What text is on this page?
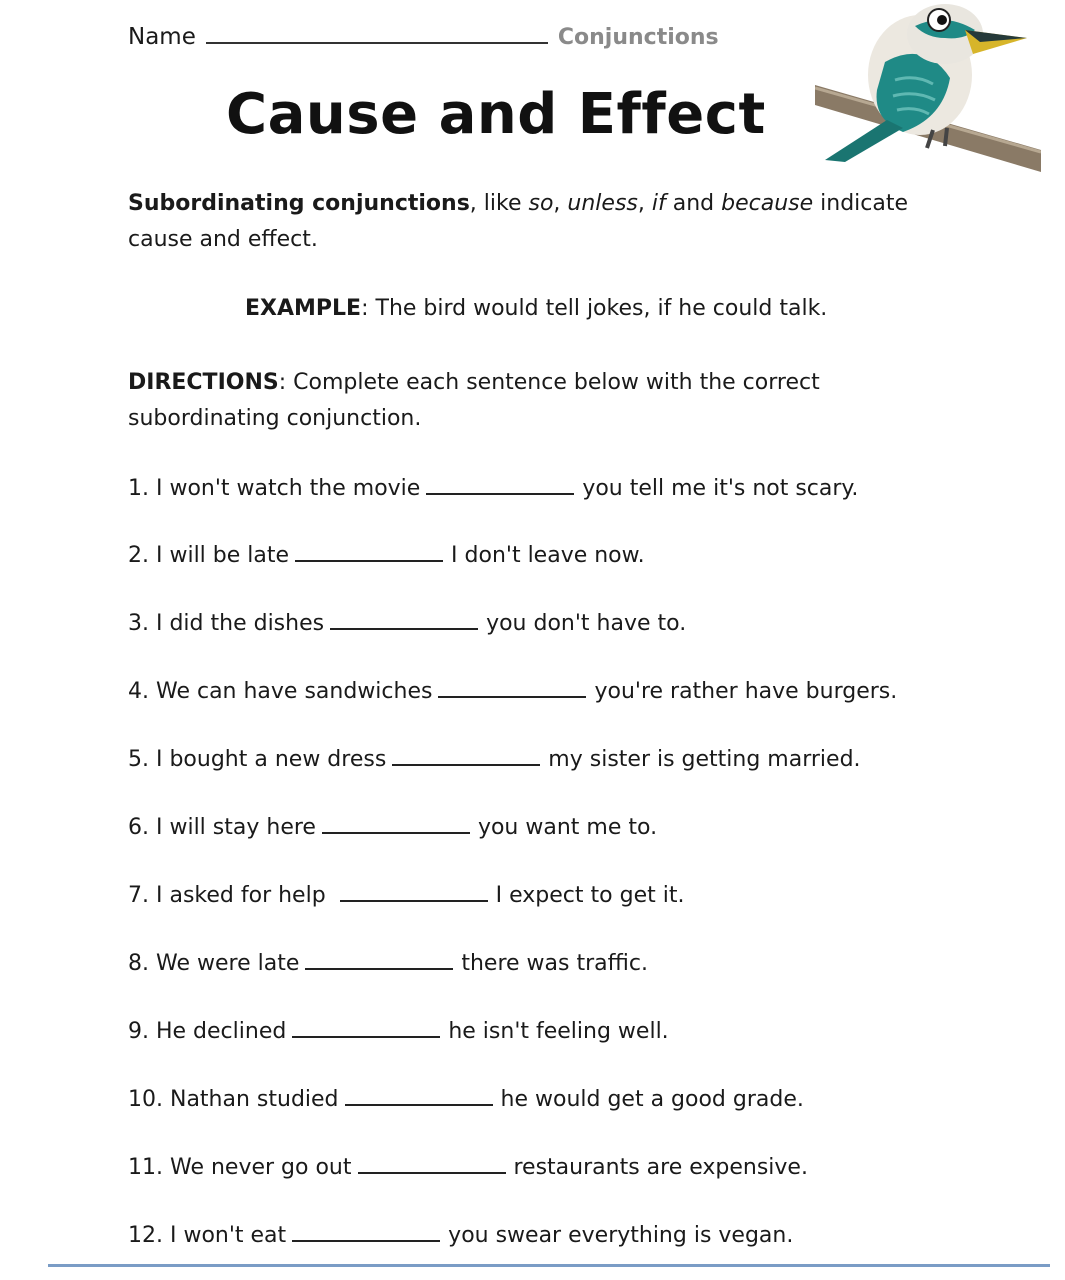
Name	Conjunctions
Cause and Effect
Subordinating conjunctions, like so, unless, if and because indicate cause and effect.
EXAMPLE: The bird would tell jokes, if he could talk.
DIRECTIONS: Complete each sentence below with the correct subordinating conjunction.
1. I won't watch the movie	you tell me it's not scary.
2. I will be late	I don't leave now.
3. I did the dishes	you don't have to.
4. We can have sandwiches	you're rather have burgers.
5. I bought a new dress	my sister is getting married.
6. I will stay here	you want me to.
7. I asked for help	I expect to get it.
8. We were late	there was traffic.
9. He declined	he isn't feeling well.
10. Nathan studied	he would get a good grade.
11. We never go out	restaurants are expensive.
12. I won't eat	you swear everything is vegan.
